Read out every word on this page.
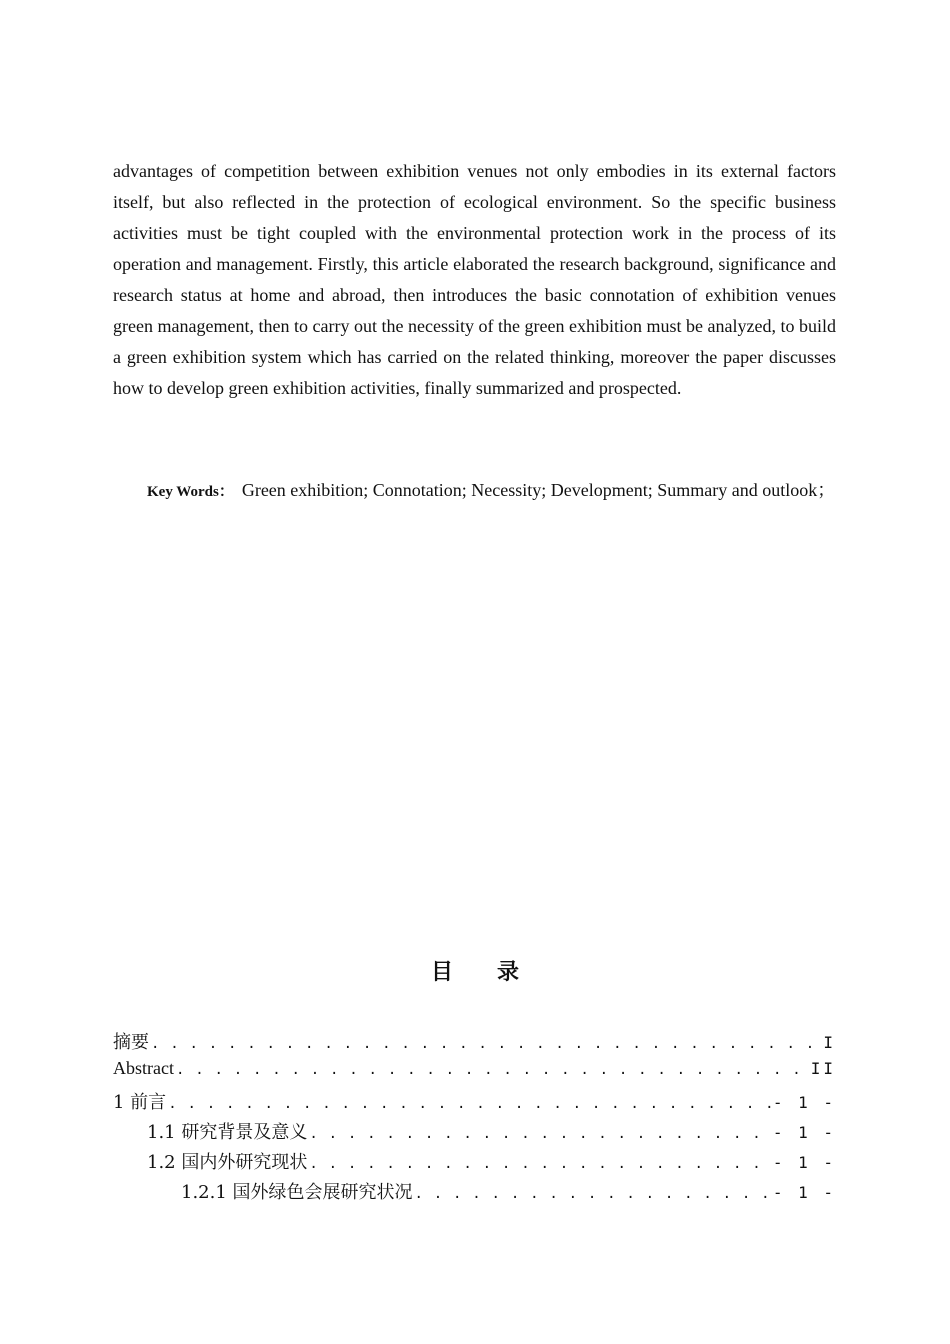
advantages of competition between exhibition venues not only embodies in its external factors itself, but also reflected in the protection of ecological environment. So the specific business activities must be tight coupled with the environmental protection work in the process of its operation and management. Firstly, this article elaborated the research background, significance and research status at home and abroad, then introduces the basic connotation of exhibition venues green management, then to carry out the necessity of the green exhibition must be analyzed, to build a green exhibition system which has carried on the related thinking, moreover the paper discusses how to develop green exhibition activities, finally summarized and prospected.

Key Words： Green exhibition; Connotation; Necessity; Development; Summary and outlook；

目录
摘要 . . .	I
Abstract . . .	II
1 前言 . . .	- 1 -
1.1 研究背景及意义 . . .	- 1 -
1.2 国内外研究现状 . . .	- 1 -
1.2.1 国外绿色会展研究状况 . . .	- 1 -
